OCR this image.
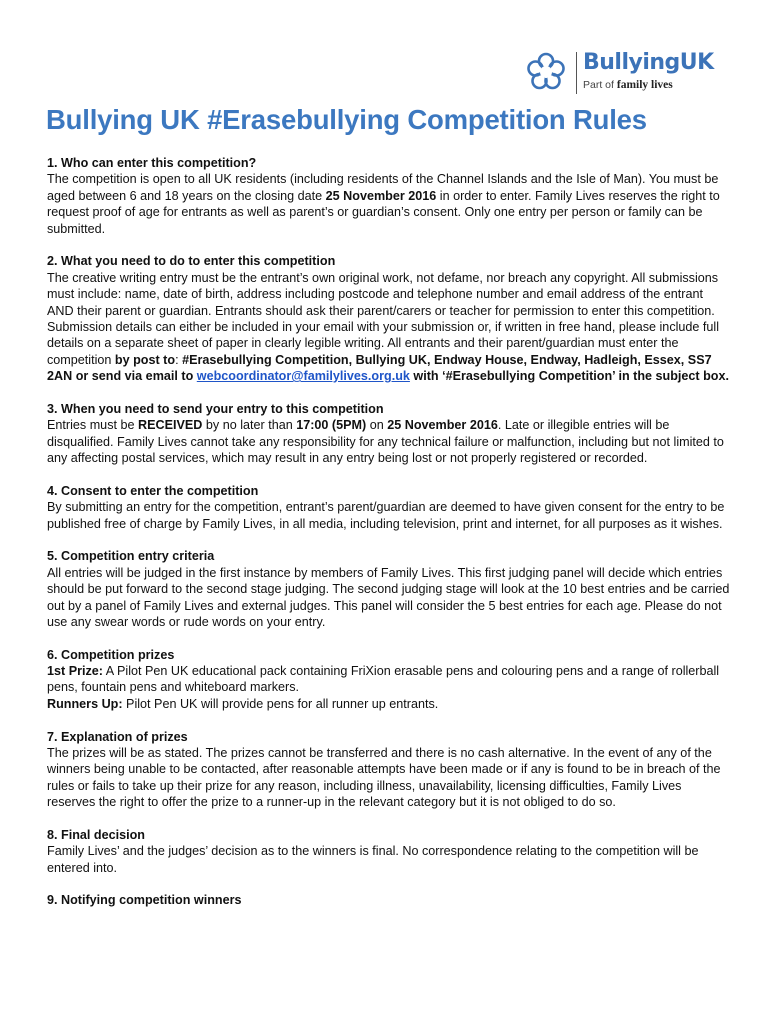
BullyingUK
Part of family lives
Bullying UK #Erasebullying Competition Rules

1. Who can enter this competition?

The competition is open to all UK residents (including residents of the Channel Islands and the Isle of Man). You must be aged between 6 and 18 years on the closing date 25 November 2016 in order to enter. Family Lives reserves the right to request proof of age for entrants as well as parent’s or guardian’s consent. Only one entry per person or family can be submitted.

2. What you need to do to enter this competition

The creative writing entry must be the entrant’s own original work, not defame, nor breach any copyright. All submissions must include: name, date of birth, address including postcode and telephone number and email address of the entrant AND their parent or guardian. Entrants should ask their parent/carers or teacher for permission to enter this competition. Submission details can either be included in your email with your submission or, if written in free hand, please include full details on a separate sheet of paper in clearly legible writing. All entrants and their parent/guardian must enter the competition by post to: #Erasebullying Competition, Bullying UK, Endway House, Endway, Hadleigh, Essex, SS7 2AN or send via email to webcoordinator@familylives.org.uk with ‘#Erasebullying Competition’ in the subject box.

3. When you need to send your entry to this competition

Entries must be RECEIVED by no later than 17:00 (5PM) on 25 November 2016. Late or illegible entries will be disqualified. Family Lives cannot take any responsibility for any technical failure or malfunction, including but not limited to any affecting postal services, which may result in any entry being lost or not properly registered or recorded.

4. Consent to enter the competition

By submitting an entry for the competition, entrant’s parent/guardian are deemed to have given consent for the entry to be published free of charge by Family Lives, in all media, including television, print and internet, for all purposes as it wishes.

5. Competition entry criteria

All entries will be judged in the first instance by members of Family Lives. This first judging panel will decide which entries should be put forward to the second stage judging. The second judging stage will look at the 10 best entries and be carried out by a panel of Family Lives and external judges. This panel will consider the 5 best entries for each age. Please do not use any swear words or rude words on your entry.

6. Competition prizes

1st Prize: A Pilot Pen UK educational pack containing FriXion erasable pens and colouring pens and a range of rollerball pens, fountain pens and whiteboard markers.

Runners Up: Pilot Pen UK will provide pens for all runner up entrants.

7. Explanation of prizes

The prizes will be as stated. The prizes cannot be transferred and there is no cash alternative. In the event of any of the winners being unable to be contacted, after reasonable attempts have been made or if any is found to be in breach of the rules or fails to take up their prize for any reason, including illness, unavailability, licensing difficulties, Family Lives reserves the right to offer the prize to a runner-up in the relevant category but it is not obliged to do so.

8. Final decision

Family Lives’ and the judges’ decision as to the winners is final. No correspondence relating to the competition will be entered into.

9. Notifying competition winners
